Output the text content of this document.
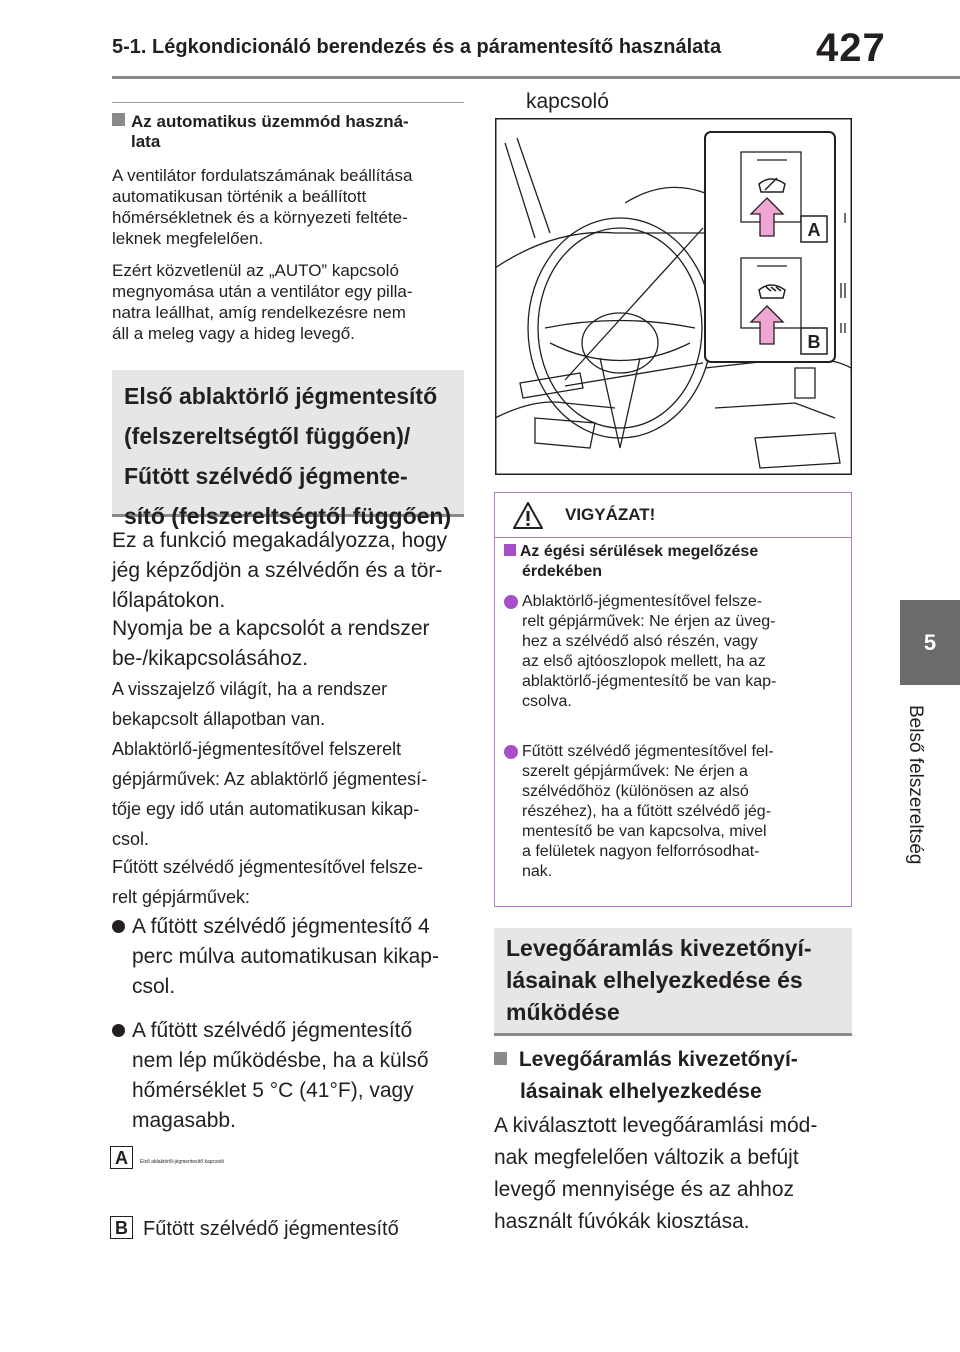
5-1. Légkondicionáló berendezés és a páramentesítő használata	427
5
Belső felszereltség
Az automatikus üzemmód haszná-
lata
A ventilátor fordulatszámának beállítása
automatikusan történik a beállított
hőmérsékletnek és a környezeti feltéte-
leknek megfelelően.
Ezért közvetlenül az „AUTO” kapcsoló
megnyomása után a ventilátor egy pilla-
natra leállhat, amíg rendelkezésre nem
áll a meleg vagy a hideg levegő.
Első ablaktörlő jégmentesítő
(felszereltségtől függően)/
Fűtött szélvédő jégmente-
sítő (felszereltségtől függően)
Ez a funkció megakadályozza, hogy
jég képződjön a szélvédőn és a tör-
lőlapátokon.
Nyomja be a kapcsolót a rendszer
be-/kikapcsolásához.
A visszajelző világít, ha a rendszer
bekapcsolt állapotban van.
Ablaktörlő-jégmentesítővel felszerelt
gépjárművek: Az ablaktörlő jégmentesí-
tője egy idő után automatikusan kikap-
csol.
Fűtött szélvédő jégmentesítővel felsze-
relt gépjárművek:
A fűtött szélvédő jégmentesítő 4
perc múlva automatikusan kikap-
csol.
A fűtött szélvédő jégmentesítő
nem lép működésbe, ha a külső
hőmérséklet 5 °C (41°F), vagy
magasabb.
A	Első ablaktörlő-jégmentesítő kapcsoló
B Fűtött szélvédő jégmentesítő
kapcsoló
A
B
VIGYÁZAT!
Az égési sérülések megelőzése
érdekében
Ablaktörlő-jégmentesítővel felsze-
relt gépjárművek: Ne érjen az üveg-
hez a szélvédő alsó részén, vagy
az első ajtóoszlopok mellett, ha az
ablaktörlő-jégmentesítő be van kap-
csolva.
Fűtött szélvédő jégmentesítővel fel-
szerelt gépjárművek: Ne érjen a
szélvédőhöz (különösen az alsó
részéhez), ha a fűtött szélvédő jég-
mentesítő be van kapcsolva, mivel
a felületek nagyon felforrósodhat-
nak.
Levegőáramlás kivezetőnyí-
lásainak elhelyezkedése és
működése
Levegőáramlás kivezetőnyí-
lásainak elhelyezkedése
A kiválasztott levegőáramlási mód-
nak megfelelően változik a befújt
levegő mennyisége és az ahhoz
használt fúvókák kiosztása.
